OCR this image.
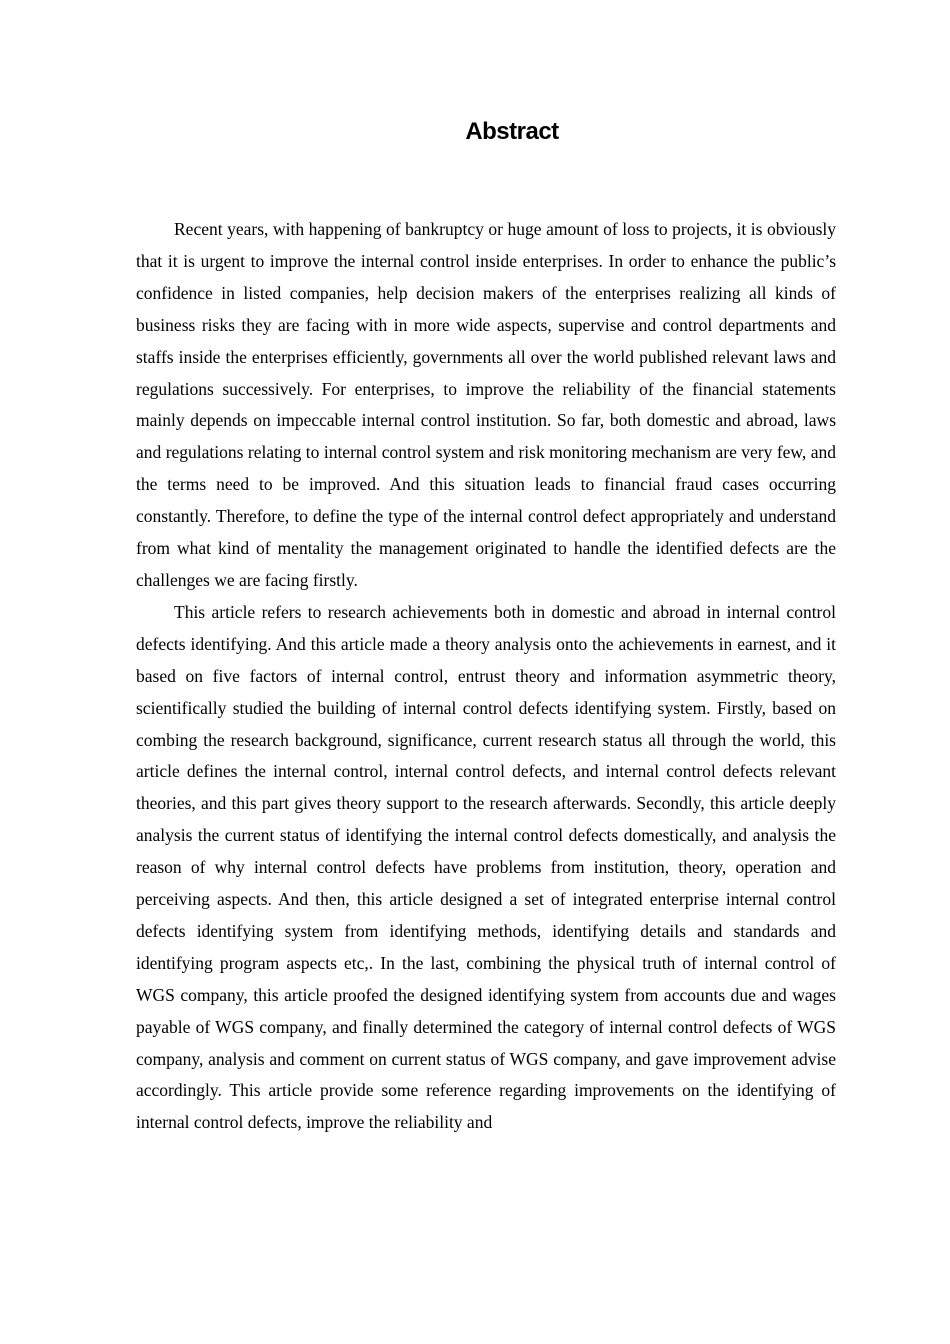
Abstract

Recent years, with happening of bankruptcy or huge amount of loss to projects, it is obviously that it is urgent to improve the internal control inside enterprises. In order to enhance the public’s confidence in listed companies, help decision makers of the enterprises realizing all kinds of business risks they are facing with in more wide aspects, supervise and control departments and staffs inside the enterprises efficiently, governments all over the world published relevant laws and regulations successively. For enterprises, to improve the reliability of the financial statements mainly depends on impeccable internal control institution. So far, both domestic and abroad, laws and regulations relating to internal control system and risk monitoring mechanism are very few, and the terms need to be improved. And this situation leads to financial fraud cases occurring constantly. Therefore, to define the type of the internal control defect appropriately and understand from what kind of mentality the management originated to handle the identified defects are the challenges we are facing firstly.

This article refers to research achievements both in domestic and abroad in internal control defects identifying. And this article made a theory analysis onto the achievements in earnest, and it based on five factors of internal control, entrust theory and information asymmetric theory, scientifically studied the building of internal control defects identifying system. Firstly, based on combing the research background, significance, current research status all through the world, this article defines the internal control, internal control defects, and internal control defects relevant theories, and this part gives theory support to the research afterwards. Secondly, this article deeply analysis the current status of identifying the internal control defects domestically, and analysis the reason of why internal control defects have problems from institution, theory, operation and perceiving aspects. And then, this article designed a set of integrated enterprise internal control defects identifying system from identifying methods, identifying details and standards and identifying program aspects etc,. In the last, combining the physical truth of internal control of WGS company, this article proofed the designed identifying system from accounts due and wages payable of WGS company, and finally determined the category of internal control defects of WGS company, analysis and comment on current status of WGS company, and gave improvement advise accordingly. This article provide some reference regarding improvements on the identifying of internal control defects, improve the reliability and
